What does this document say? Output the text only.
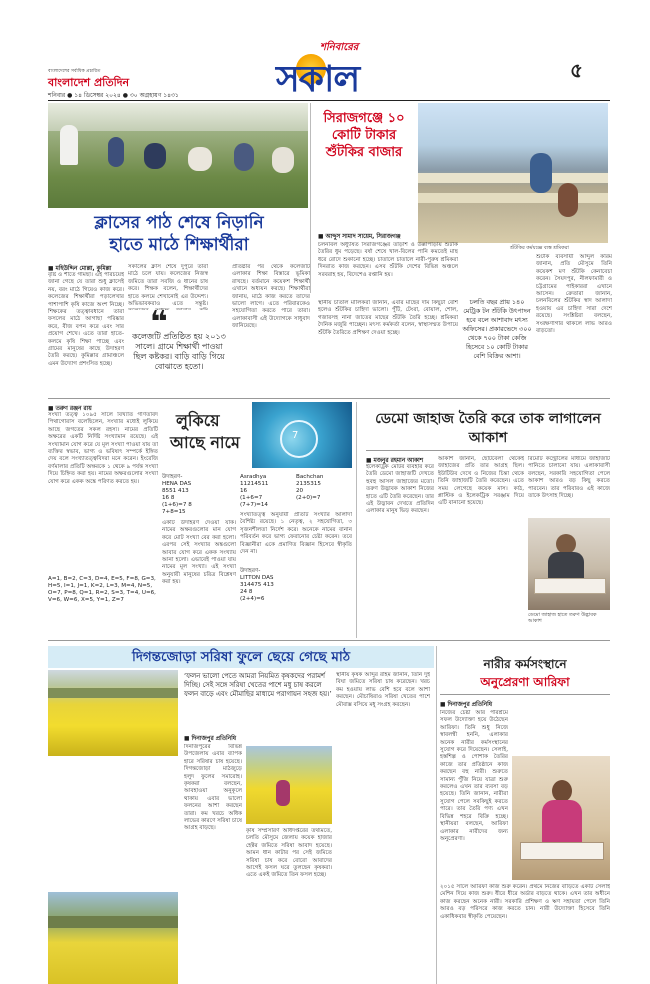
বাংলাদেশের সর্বাধিক প্রচারিত
বাংলাদেশ প্রতিদিন
শনিবার ● ১৪ ডিসেম্বর ২০২৪ ● ৩০ অগ্রহায়ণ ১৪৩১
শনিবারের
সকাল	৫
ক্লাসের পাঠ শেষে নিড়ানি
হাতে মাঠে শিক্ষার্থীরা
■ মহিউদ্দিন মোল্লা, কুমিল্লা
বৃষ্টি ও শীতে গামছা। এই পরিচয়েই জানা গেছে যে তারা শুধু ক্লাসেই নয়, বরং মাঠে গিয়েও কাজ করে। কলেজের শিক্ষার্থীরা পড়ালেখার পাশাপাশি কৃষি কাজে অংশ নিচ্ছে। শিক্ষকের তত্ত্বাবধানে তারা ফসলের মাঠে আগাছা পরিষ্কার করে, বীজ বপন করে এবং সার প্রয়োগ শেখে। এতে তারা হাতে-কলমে কৃষি শিক্ষা পাচ্ছে এবং গ্রামের মানুষের কাছে উদাহরণ তৈরি করছে। কুমিল্লার গ্রামাঞ্চলে এমন উদ্যোগ প্রশংসিত হচ্ছে।
সকালের ক্লাস শেষে দুপুরে তারা মাঠে চলে যায়। কলেজের নিজস্ব জমিতে তারা সবজি ও ধানের চাষ করে। শিক্ষক বলেন, শিক্ষার্থীদের হাতে কলমে শেখানোই এর উদ্দেশ্য। অভিভাবকরাও এতে সন্তুষ্ট।
❝
কলেজটি প্রতিষ্ঠিত হয় ২০১৩ সালে। গ্রামে শিক্ষার্থী পাওয়া ছিল কষ্টকর। বাড়ি বাড়ি গিয়ে বোঝাতে হতো।
প্রতিষ্ঠার পর থেকে কলেজটি এলাকার শিক্ষা বিস্তারে ভূমিকা রাখছে। বর্তমানে কয়েকশ শিক্ষার্থী এখানে অধ্যয়ন করছে। শিক্ষার্থীরা জানায়, মাঠে কাজ করতে তাদের ভালো লাগে। এতে পরিবারকেও সহযোগিতা করতে পারে তারা। এলাকাবাসী এই উদ্যোগকে সাধুবাদ জানিয়েছে।
সিরাজগঞ্জে ১০ কোটি টাকার শুঁটকির বাজার
শুঁটকির কর্মযজ্ঞে ব্যস্ত শ্রমিকরা
■ আব্দুস সামাদ সায়েম, সিরাজগঞ্জ
চলনবিল অধ্যুষিত সিরাজগঞ্জের তাড়াশ ও উল্লাপাড়ায় শুঁটকি তৈরির ধুম পড়েছে। বর্ষা শেষে খাল-বিলের পানি কমতেই মাছ ধরে রোদে শুকানো হচ্ছে। চাতালে চাতালে নারী-পুরুষ শ্রমিকরা দিনরাত কাজ করছেন। এসব শুঁটকি দেশের বিভিন্ন অঞ্চলে সরবরাহ হয়, বিদেশেও রপ্তানি হয়।
চলতি বছর প্রায় ১৪০ মেট্রিক টন শুঁটকি উৎপাদন হবে বলে আশাবাদ মৎস্য অফিসের। প্রকারভেদে ৩০০ থেকে ৭০০ টাকা কেজি হিসেবে ১০ কোটি টাকার বেশি বিক্রির আশা।
স্থানীয় চাতাল মালিকরা জানান, এবার মাছের দাম কিছুটা বেশি হলেও শুঁটকির চাহিদা ভালো। পুঁটি, টেংরা, বোয়াল, শোল, গজারসহ নানা জাতের মাছের শুঁটকি তৈরি হচ্ছে। শ্রমিকরা দৈনিক মজুরি পাচ্ছেন। মৎস্য কর্মকর্তা বলেন, স্বাস্থ্যসম্মত উপায়ে শুঁটকি তৈরিতে প্রশিক্ষণ দেওয়া হচ্ছে।
শুঁটকি ব্যবসায়ী আব্দুল করিম জানান, প্রতি মৌসুমে তিনি কয়েকশ মণ শুঁটকি কেনাবেচা করেন। সৈয়দপুর, নীলফামারী ও চট্টগ্রামের পাইকাররা এখানে আসেন। ক্রেতারা জানান, চলনবিলের শুঁটকির স্বাদ আলাদা হওয়ায় এর চাহিদা সারা দেশে রয়েছে। সংশ্লিষ্টরা বলছেন, সংরক্ষণাগার থাকলে লাভ আরও বাড়তো।
■ তরুণ রঞ্জন রায়
সংখ্যা তত্ত্ব ১০৯৫ সালে বিখ্যাত গণিতবিদ পিথাগোরাস বলেছিলেন, সংখ্যার মধ্যেই লুকিয়ে আছে জগতের সকল রহস্য। নামের প্রতিটি অক্ষরের একটি নির্দিষ্ট সংখ্যামান রয়েছে। এই সংখ্যামান যোগ করে যে মূল সংখ্যা পাওয়া যায় তা ব্যক্তির স্বভাব, ভাগ্য ও ভবিষ্যৎ সম্পর্কে ইঙ্গিত দেয় বলে সংখ্যাতত্ত্ববিদরা মনে করেন। ইংরেজি বর্ণমালার প্রতিটি অক্ষরকে ১ থেকে ৯ পর্যন্ত সংখ্যা দিয়ে চিহ্নিত করা হয়। নামের অক্ষরগুলোর সংখ্যা যোগ করে একক অঙ্কে পরিণত করতে হয়।
লুকিয়ে
আছে নামে	7
উদাহরণ-
HENA DAS
8551 413
16 8
(1+6)=7 8
7+8=15
একটি উদাহরণ দেওয়া যাক। নামের অক্ষরগুলোর মান যোগ করে মোট সংখ্যা বের করা হলো। এরপর সেই সংখ্যার অঙ্কগুলো আবার যোগ করে একক সংখ্যায় আনা হলো। এভাবেই পাওয়া যায় নামের মূল সংখ্যা। এই সংখ্যা অনুযায়ী মানুষের চরিত্র বিশ্লেষণ করা হয়।
A=1, B=2, C=3, D=4, E=5, F=8, G=3, H=5, I=1, J=1, K=2, L=3, M=4, N=5, O=7, P=8, Q=1, R=2, S=3, T=4, U=6, V=6, W=6, X=5, Y=1, Z=7
Asradhya
11214511
16
(1+6=7
(7+7)=14
Bachchan
2135315
20
(2+0)=7
সংখ্যাতত্ত্ব অনুযায়ী প্রতিটি সংখ্যার আলাদা বৈশিষ্ট্য রয়েছে। ১ নেতৃত্ব, ২ সহযোগিতা, ৩ সৃজনশীলতা নির্দেশ করে। অনেকে নামের বানান পরিবর্তন করে ভাগ্য ফেরানোর চেষ্টা করেন। তবে বিজ্ঞানীরা একে প্রমাণিত বিজ্ঞান হিসেবে স্বীকৃতি দেন না।
উদাহরণ-
LITTON DAS
314475 413
24 8
(2+4)=6
ডেমো জাহাজ তৈরি করে তাক লাগালেন আকাশ
■ মজনুর রহমান আকাশ
ইলেকট্রিক মোটর ব্যবহার করে তৈরি ডেমো জাহাজটি দেখতে হুবহু আসল জাহাজের মতো। তরুণ উদ্ভাবক আকাশ নিজের হাতে এটি তৈরি করেছেন। তার এই উদ্ভাবন দেখতে প্রতিদিন এলাকার মানুষ ভিড় করছেন।
আকাশ জানান, ছোটবেলা থেকেই জাহাজের প্রতি তার আগ্রহ ছিল। ইউটিউব দেখে ও নিজের চিন্তা থেকে তিনি জাহাজটি তৈরি করেছেন। এতে সময় লেগেছে কয়েক মাস। কাঠ, প্লাস্টিক ও ইলেকট্রিক সরঞ্জাম দিয়ে এটি বানানো হয়েছে।
রিমোট কন্ট্রোলের মাধ্যমে জাহাজটি পানিতে চালানো যায়। এলাকাবাসী বলছেন, সরকারি সহযোগিতা পেলে আকাশ আরও বড় কিছু করতে পারবেন। তার পরিবারও এই কাজে তাকে উৎসাহ দিচ্ছে।
ডেমো জাহাজ হাতে তরুণ উদ্ভাবক আকাশ
দিগন্তজোড়া সরিষা ফুলে ছেয়ে গেছে মাঠ
‘ফলন ভালো পেতে আমরা নিয়মিত কৃষকদের পরামর্শ দিচ্ছি। সেই সঙ্গে সরিষা খেতের পাশে মধু চাষ করলে ফলন বাড়ে এবং মৌমাছির মাধ্যমে পরাগায়ন সহজ হয়।’
■ দিনাজপুর প্রতিনিধি
দিনাজপুরের বিভিন্ন উপজেলায় এবার ব্যাপক হারে সরিষার চাষ হয়েছে। দিগন্তজোড়া মাঠজুড়ে হলুদ ফুলের সমারোহ। কৃষকরা বলছেন, আবহাওয়া অনুকূলে থাকায় এবার ভালো ফলনের আশা করছেন তারা। কম খরচে অধিক লাভের কারণে সরিষা চাষে আগ্রহ বাড়ছে।	কৃষি সম্প্রসারণ অধিদপ্তরের তথ্যমতে, চলতি মৌসুমে জেলায় কয়েক হাজার হেক্টর জমিতে সরিষা আবাদ হয়েছে। আমন ধান কাটার পর সেই জমিতে সরিষা চাষ করে বোরো আবাদের আগেই ফসল ঘরে তুলছেন কৃষকরা। এতে একই জমিতে তিন ফসল হচ্ছে।
স্থানীয় কৃষক আব্দুর রহিম জানান, তিনি দুই বিঘা জমিতে সরিষা চাষ করেছেন। খরচ কম হওয়ায় লাভ বেশি হবে বলে আশা করছেন। মৌচাষিরাও সরিষা খেতের পাশে মৌবাক্স বসিয়ে মধু সংগ্রহ করছেন।
নারীর কর্মসংস্থানে
অনুপ্রেরণা আরিফা
■ দিনাজপুর প্রতিনিধি
নিজের চেষ্টা আর পরিশ্রমে সফল উদ্যোক্তা হয়ে উঠেছেন আরিফা। তিনি শুধু নিজে স্বাবলম্বী হননি, এলাকার অনেক নারীর কর্মসংস্থানের সুযোগ করে দিয়েছেন। সেলাই, হস্তশিল্প ও পোশাক তৈরির কাজে তার প্রতিষ্ঠানে কাজ করছেন বহু নারী। শুরুতে সামান্য পুঁজি নিয়ে যাত্রা শুরু করলেও এখন তার ব্যবসা বড় হয়েছে। তিনি জানান, নারীরা সুযোগ পেলে সবকিছুই করতে পারে। তার তৈরি পণ্য এখন বিভিন্ন শহরে বিক্রি হচ্ছে। স্থানীয়রা বলছেন, আরিফা এলাকার নারীদের জন্য অনুপ্রেরণা।
২০১৫ সালে আরিফা কাজ শুরু করেন। প্রথমে নিজের বাড়িতে একটি সেলাই মেশিন দিয়ে কাজ শুরু। ধীরে ধীরে অর্ডার বাড়তে থাকে। এখন তার অধীনে কাজ করছেন অনেক নারী। সরকারি প্রশিক্ষণ ও ঋণ সহায়তা পেলে তিনি আরও বড় পরিসরে কাজ করতে চান। নারী উদ্যোক্তা হিসেবে তিনি একাধিকবার স্বীকৃতি পেয়েছেন।
